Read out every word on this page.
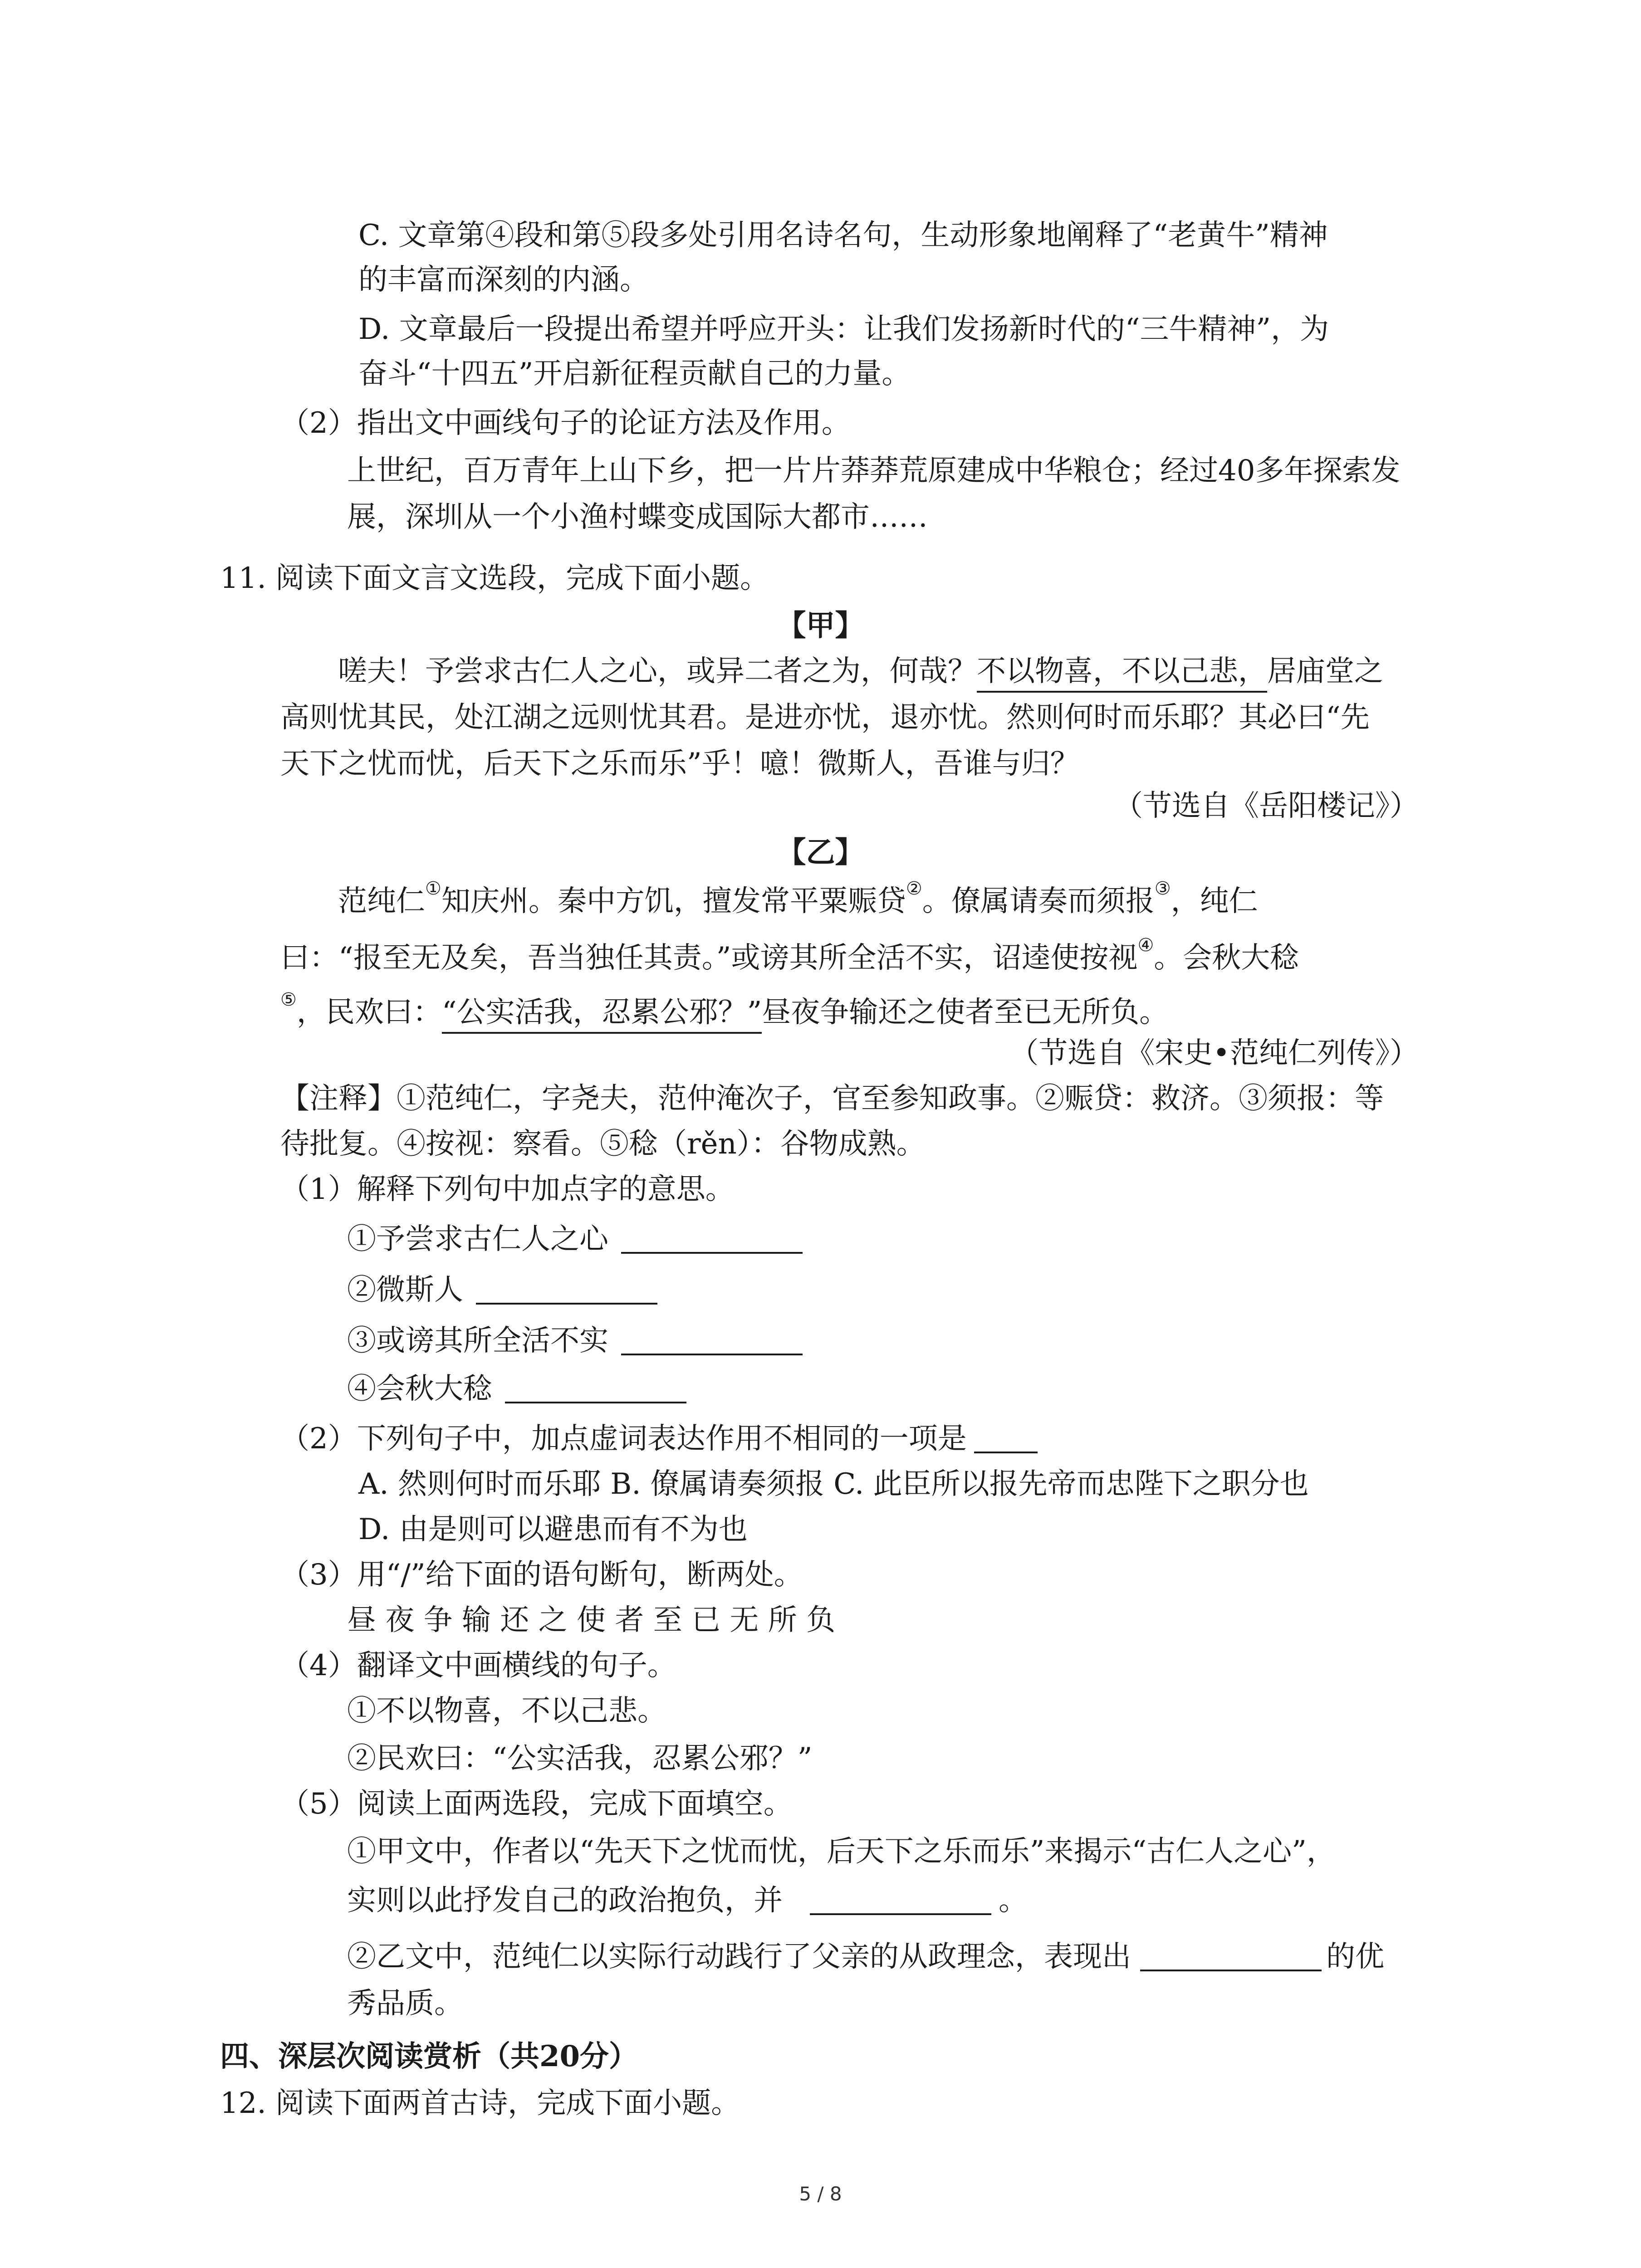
C. 文章第④段和第⑤段多处引用名诗名句，生动形象地阐释了“老黄牛”精神
的丰富而深刻的内涵。
D. 文章最后一段提出希望并呼应开头：让我们发扬新时代的“三牛精神”，为
奋斗“十四五”开启新征程贡献自己的力量。
（2）指出文中画线句子的论证方法及作用。
上世纪，百万青年上山下乡，把一片片莽莽荒原建成中华粮仓；经过40多年探索发
展，深圳从一个小渔村蝶变成国际大都市……
11. 阅读下面文言文选段，完成下面小题。
【甲】
嗟夫！予尝求古仁人之心，或异二者之为，何哉？不以物喜，不以己悲，居庙堂之
高则忧其民，处江湖之远则忧其君。是进亦忧，退亦忧。然则何时而乐耶？其必曰“先
天下之忧而忧，后天下之乐而乐”乎！噫！微斯人，吾谁与归？
（节选自《岳阳楼记》）
【乙】
范纯仁①知庆州。秦中方饥，擅发常平粟赈贷②。僚属请奏而须报③，纯仁
曰：“报至无及矣，吾当独任其责。”或谤其所全活不实，诏逵使按视④。会秋大稔
⑤，民欢曰：“公实活我，忍累公邪？”昼夜争输还之使者至已无所负。
（节选自《宋史•范纯仁列传》）
【注释】①范纯仁，字尧夫，范仲淹次子，官至参知政事。②赈贷：救济。③须报：等
待批复。④按视：察看。⑤稔（rěn）：谷物成熟。
（1）解释下列句中加点字的意思。
①予尝求古仁人之心
②微斯人
③或谤其所全活不实
④会秋大稔
（2）下列句子中，加点虚词表达作用不相同的一项是
A. 然则何时而乐耶 B. 僚属请奏须报 C. 此臣所以报先帝而忠陛下之职分也
D. 由是则可以避患而有不为也
（3）用“/”给下面的语句断句，断两处。
昼 夜 争 输 还 之 使 者 至 已 无 所 负
（4）翻译文中画横线的句子。
①不以物喜，不以己悲。
②民欢曰：“公实活我，忍累公邪？”
（5）阅读上面两选段，完成下面填空。
①甲文中，作者以“先天下之忧而忧，后天下之乐而乐”来揭示“古仁人之心”，
实则以此抒发自己的政治抱负，并	。
②乙文中，范纯仁以实际行动践行了父亲的从政理念，表现出	的优
秀品质。
四、深层次阅读赏析（共20分）
12. 阅读下面两首古诗，完成下面小题。
5 / 8
